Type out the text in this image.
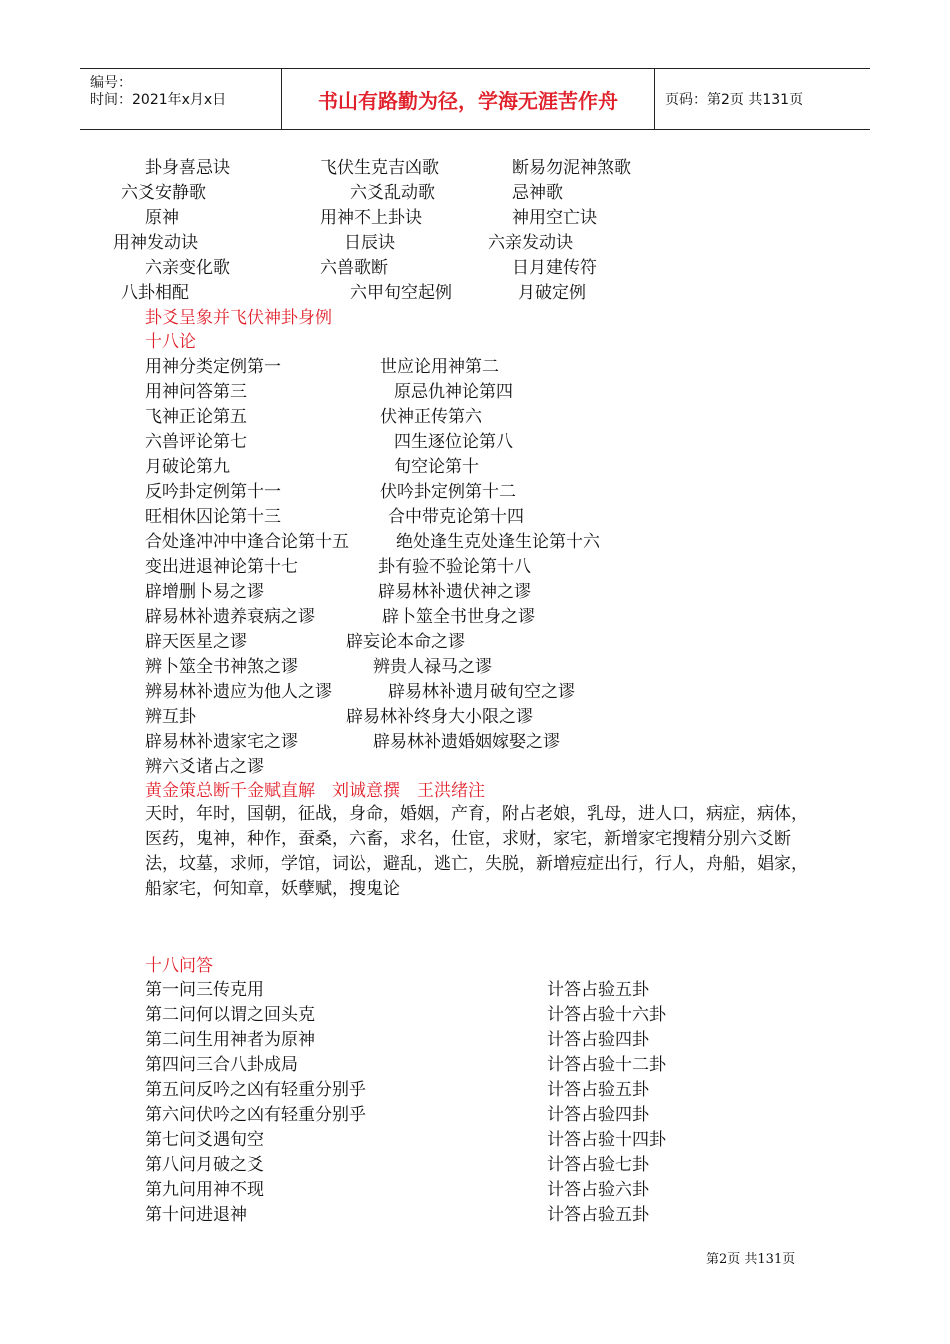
编号：
时间：2021年x月x日	书山有路勤为径，学海无涯苦作舟	页码：第2页 共131页
卦身喜忌诀	飞伏生克吉凶歌	断易勿泥神煞歌
六爻安静歌	六爻乱动歌	忌神歌
原神	用神不上卦诀	神用空亡诀
用神发动诀	日辰诀	六亲发动诀
六亲变化歌	六兽歌断	日月建传符
八卦相配	六甲旬空起例	月破定例
卦爻呈象并飞伏神卦身例
十八论
用神分类定例第一	世应论用神第二
用神问答第三	原忌仇神论第四
飞神正论第五	伏神正传第六
六兽评论第七	四生逐位论第八
月破论第九	旬空论第十
反吟卦定例第十一	伏吟卦定例第十二
旺相休囚论第十三	合中带克论第十四
合处逢冲冲中逢合论第十五	绝处逢生克处逢生论第十六
变出进退神论第十七	卦有验不验论第十八
辟增删卜易之谬	辟易林补遗伏神之谬
辟易林补遗养衰病之谬	辟卜筮全书世身之谬
辟天医星之谬	辟妄论本命之谬
辨卜筮全书神煞之谬	辨贵人禄马之谬
辨易林补遗应为他人之谬	辟易林补遗月破旬空之谬
辨互卦	辟易林补终身大小限之谬
辟易林补遗家宅之谬	辟易林补遗婚姻嫁娶之谬
辨六爻诸占之谬
黄金策总断千金赋直解　刘诚意撰　王洪绪注
天时，年时，国朝，征战，身命，婚姻，产育，附占老娘，乳母，进人口，病症，病体，医药，鬼神，种作，蚕桑，六畜，求名，仕宦，求财，家宅，新增家宅搜精分别六爻断法，坟墓，求师，学馆，词讼，避乱，逃亡，失脱，新增痘症出行，行人，舟船，娼家，船家宅，何知章，妖孽赋，搜鬼论
十八问答
第一问三传克用	计答占验五卦
第二问何以谓之回头克	计答占验十六卦
第二问生用神者为原神	计答占验四卦
第四问三合八卦成局	计答占验十二卦
第五问反吟之凶有轻重分别乎	计答占验五卦
第六问伏吟之凶有轻重分别乎	计答占验四卦
第七问爻遇旬空	计答占验十四卦
第八问月破之爻	计答占验七卦
第九问用神不现	计答占验六卦
第十问进退神	计答占验五卦
第2页 共131页
